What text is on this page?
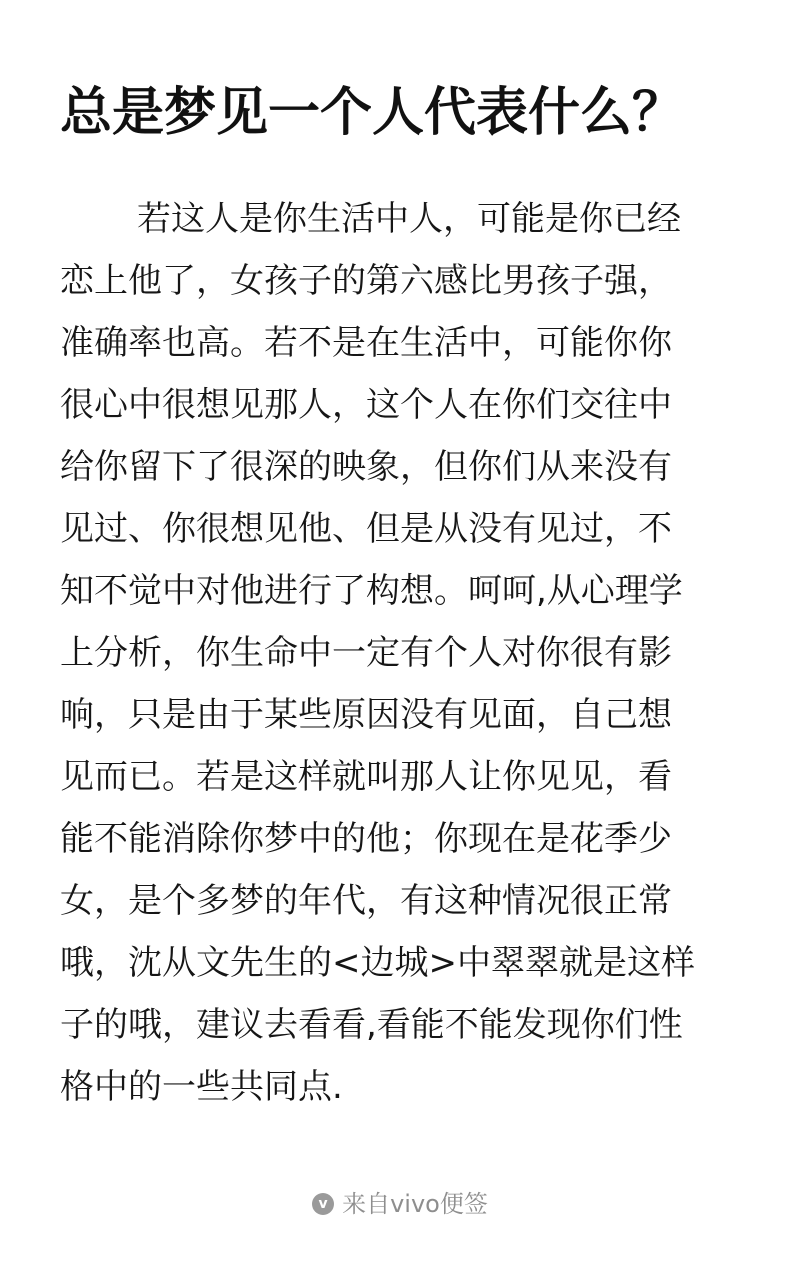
总是梦见一个人代表什么？
若这人是你生活中人，可能是你已经
恋上他了，女孩子的第六感比男孩子强，
准确率也高。若不是在生活中，可能你你
很心中很想见那人，这个人在你们交往中
给你留下了很深的映象，但你们从来没有
见过、你很想见他、但是从没有见过，不
知不觉中对他进行了构想。呵呵,从心理学
上分析，你生命中一定有个人对你很有影
响，只是由于某些原因没有见面，自己想
见而已。若是这样就叫那人让你见见，看
能不能消除你梦中的他；你现在是花季少
女，是个多梦的年代，有这种情况很正常
哦，沈从文先生的<边城>中翠翠就是这样
子的哦，建议去看看,看能不能发现你们性
格中的一些共同点.
v 来自vivo便签
